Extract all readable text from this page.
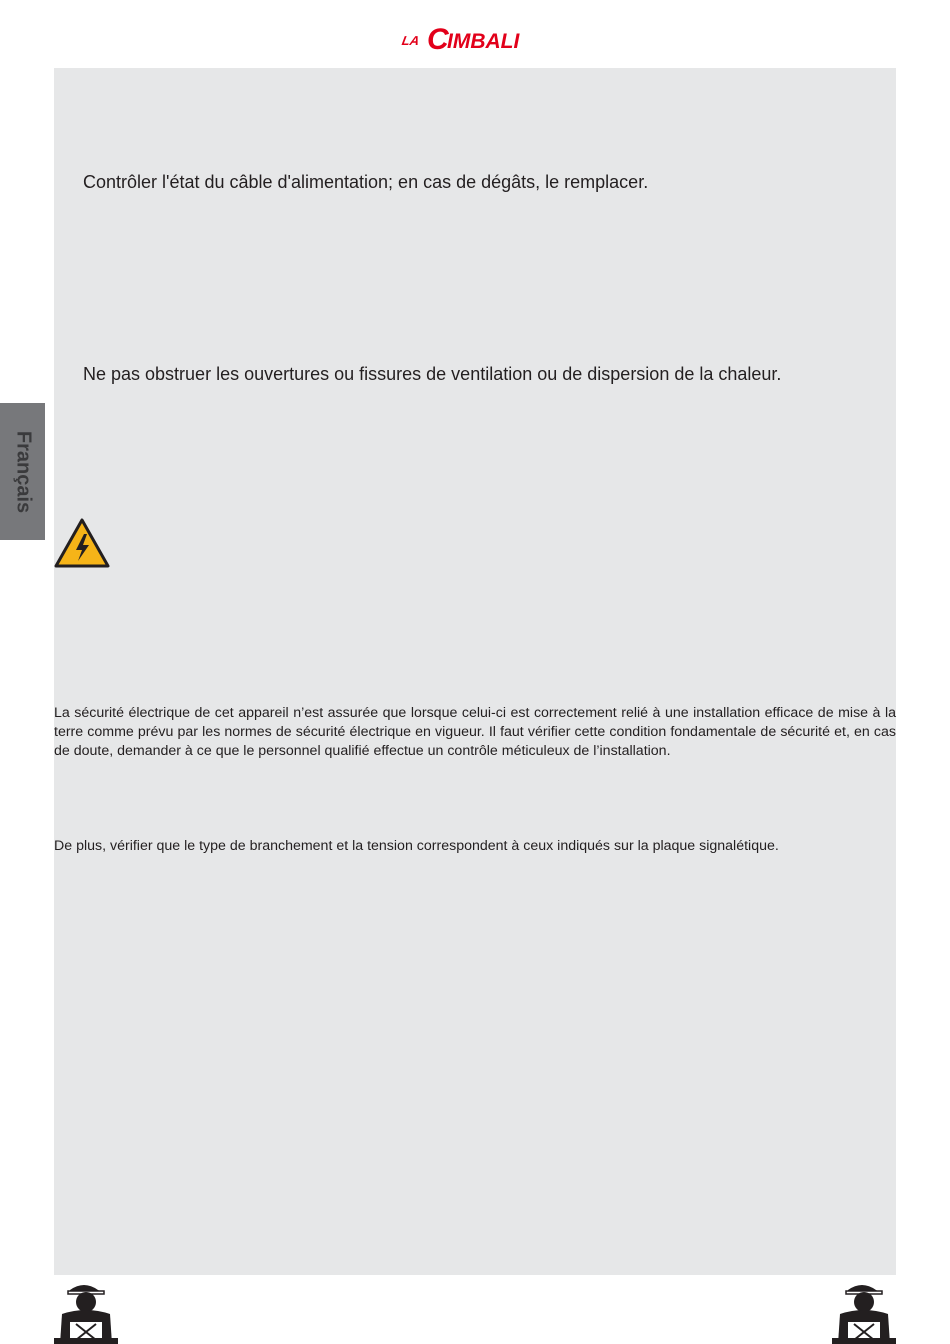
LA C
IMBALI
Français
Contrôler l'état du câble d'alimentation; en cas de dégâts, le remplacer.
Ne pas obstruer les ouvertures ou fissures de ventilation ou de dispersion de la chaleur.

La sécurité électrique de cet appareil n’est assurée que lorsque celui-ci est correctement relié à une installation efficace de mise à la terre comme prévu par les normes de sécurité électrique en vigueur. Il faut vérifier cette condition fondamentale de sécurité et, en cas de doute, demander à ce que le personnel qualifié effectue un contrôle méticuleux de l’installation.

De plus, vérifier que le type de branchement et la tension correspondent à ceux indiqués sur la plaque signalétique.
